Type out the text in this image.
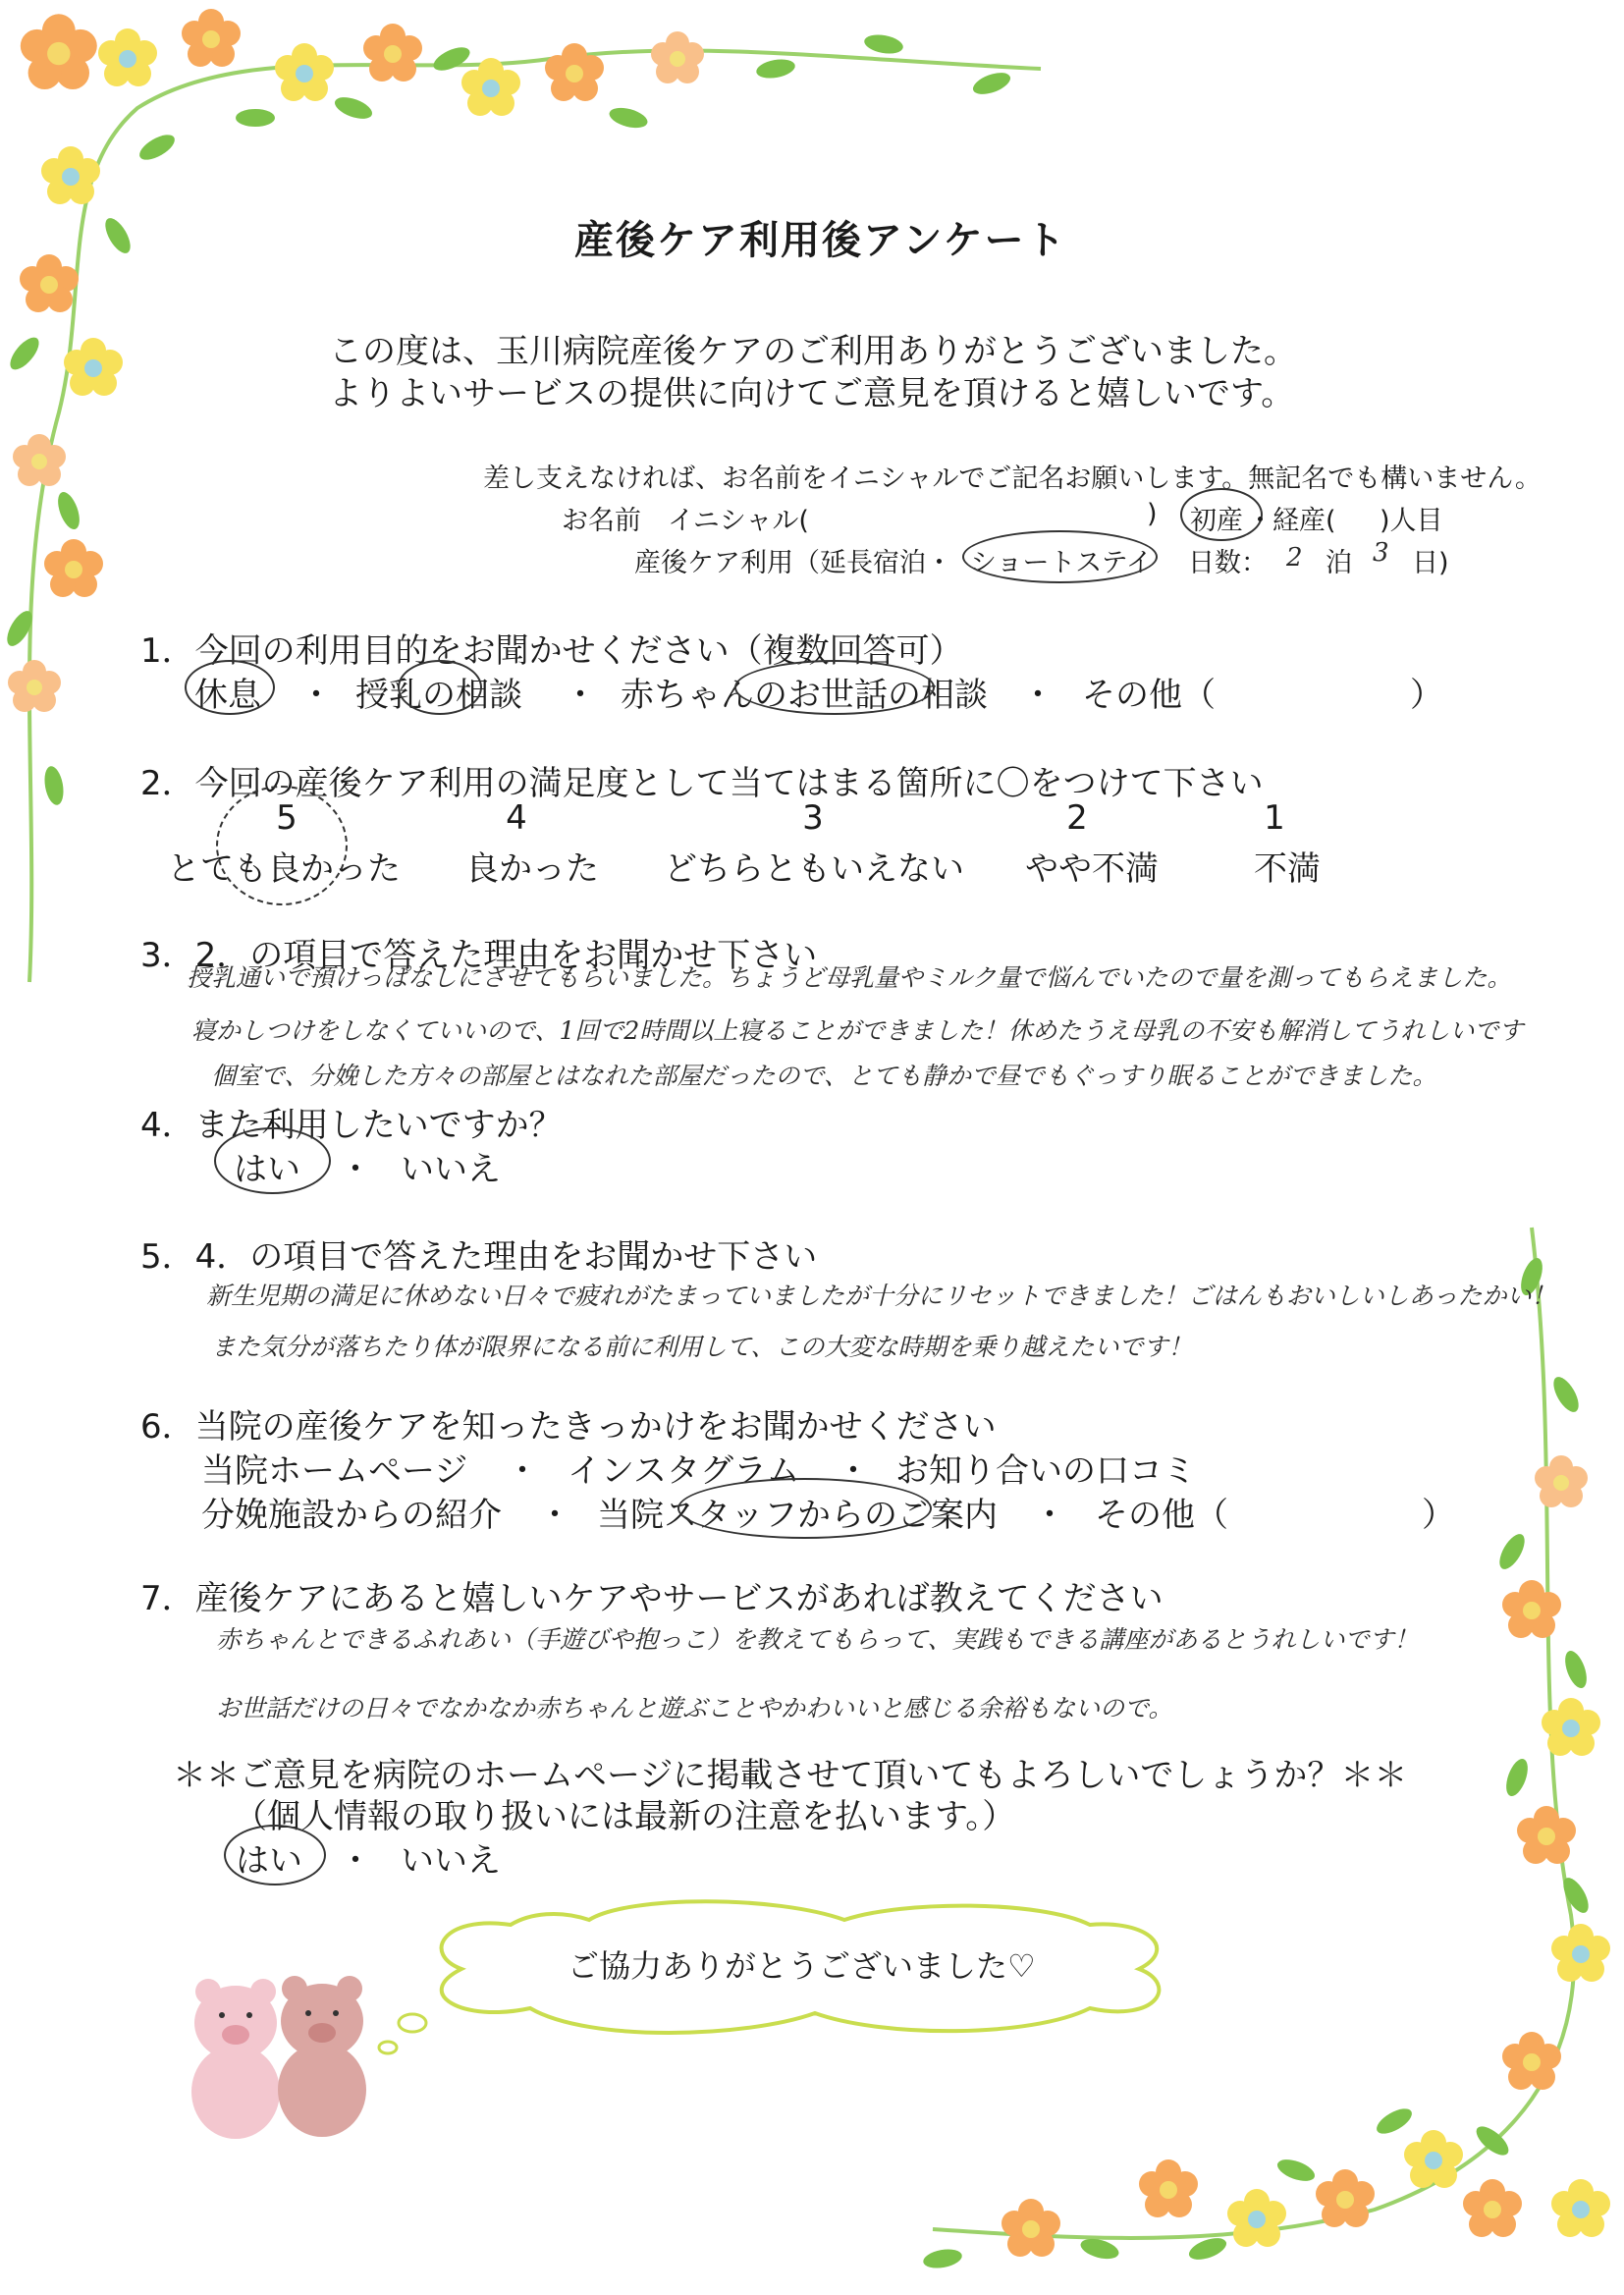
産後ケア利用後アンケート
この度は、玉川病院産後ケアのご利用ありがとうございました。
よりよいサービスの提供に向けてご意見を頂けると嬉しいです。
差し支えなければ、お名前をイニシャルでご記名お願いします。無記名でも構いません。
お名前　イニシャル(	) 初産 ・ 経産( )人目
産後ケア利用（延長宿泊・ ショートステイ 日数： 2 泊 3 日)
1．今回の利用目的をお聞かせください（複数回答可）
休息 ・ 授乳の相談 ・ 赤ちゃんのお世話の相談 ・ その他（	）
2．今回の産後ケア利用の満足度として当てはまる箇所に〇をつけて下さい
5	4	3	2	1
とても良かった 良かった どちらともいえない やや不満	不満
3．2．の項目で答えた理由をお聞かせ下さい
授乳通いで預けっぱなしにさせてもらいました。ちょうど母乳量やミルク量で悩んでいたので量を測ってもらえました。
寝かしつけをしなくていいので、1回で2時間以上寝ることができました！休めたうえ母乳の不安も解消してうれしいです
個室で、分娩した方々の部屋とはなれた部屋だったので、とても静かで昼でもぐっすり眠ることができました。
4．また利用したいですか？
はい ・ いいえ
5．4．の項目で答えた理由をお聞かせ下さい
新生児期の満足に休めない日々で疲れがたまっていましたが十分にリセットできました！ごはんもおいしいしあったかい！
また気分が落ちたり体が限界になる前に利用して、この大変な時期を乗り越えたいです！
6．当院の産後ケアを知ったきっかけをお聞かせください
当院ホームページ ・ インスタグラム ・ お知り合いの口コミ
分娩施設からの紹介 ・ 当院スタッフからのご案内 ・ その他（	）
7．産後ケアにあると嬉しいケアやサービスがあれば教えてください
赤ちゃんとできるふれあい（手遊びや抱っこ）を教えてもらって、実践もできる講座があるとうれしいです！
お世話だけの日々でなかなか赤ちゃんと遊ぶことやかわいいと感じる余裕もないので。
＊＊ご意見を病院のホームページに掲載させて頂いてもよろしいでしょうか？＊＊
（個人情報の取り扱いには最新の注意を払います。）
はい ・ いいえ
ご協力ありがとうございました♡
